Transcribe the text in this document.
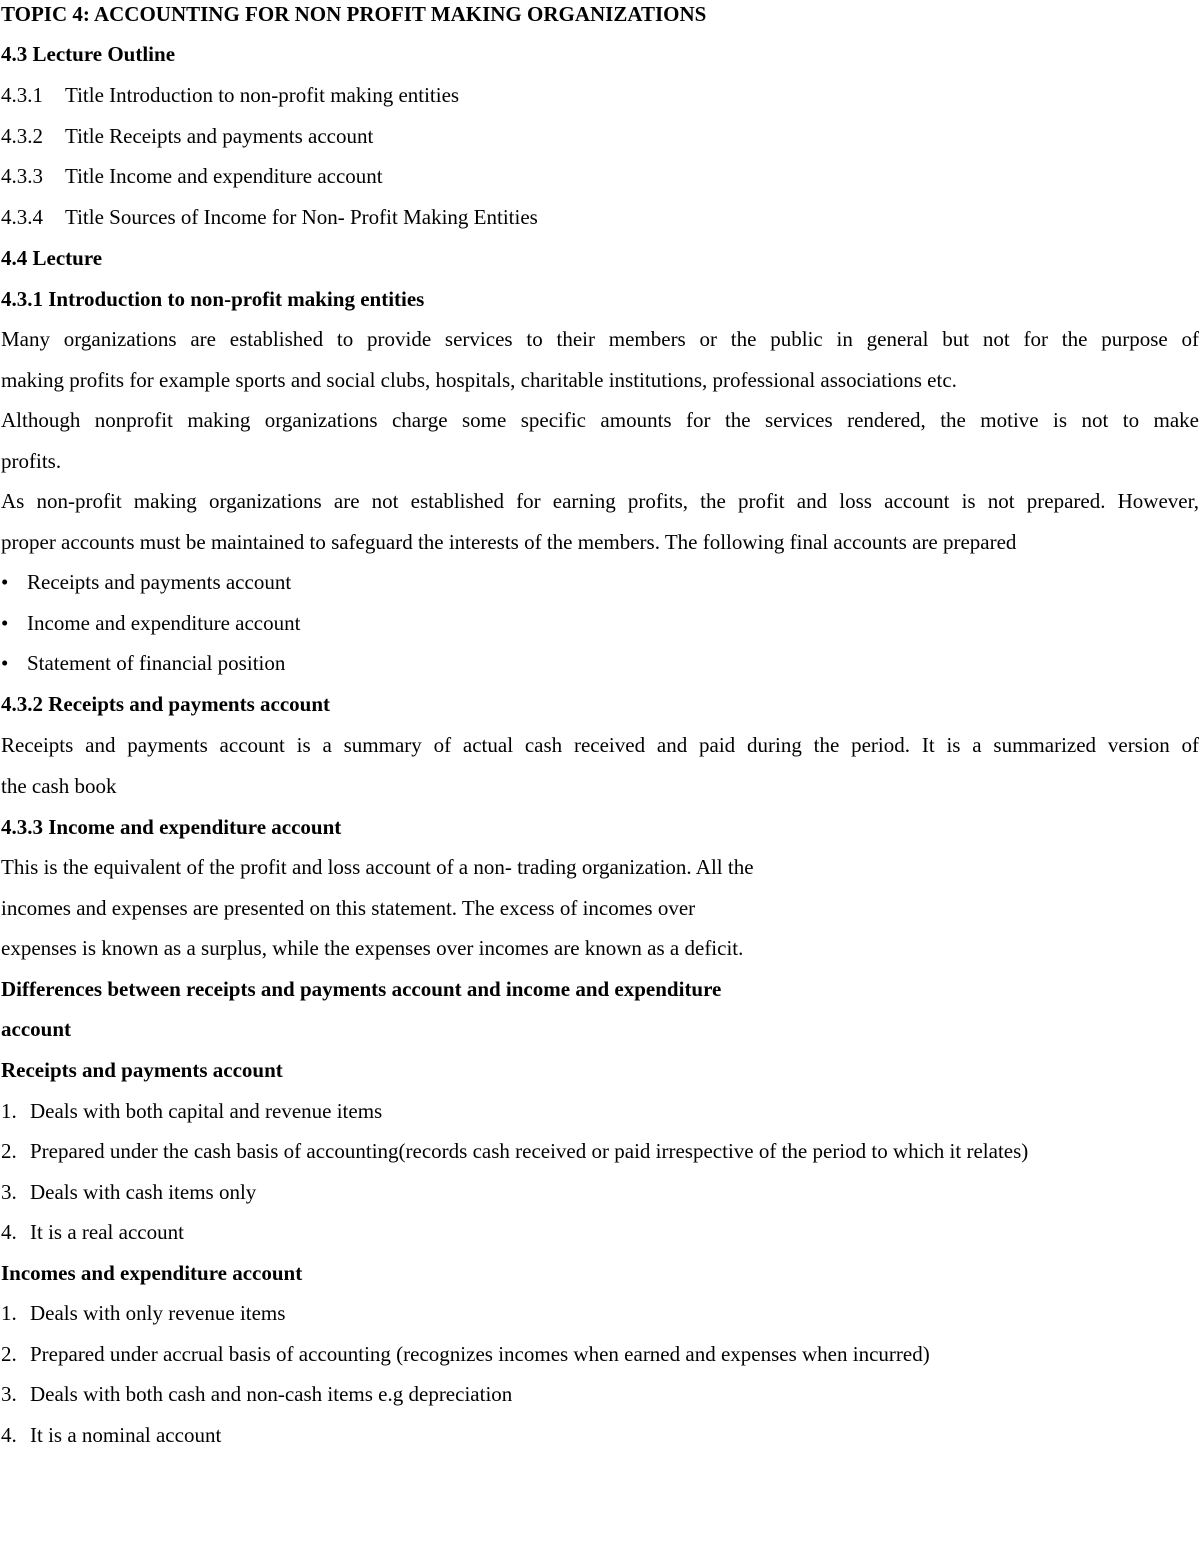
TOPIC 4: ACCOUNTING FOR NON PROFIT MAKING ORGANIZATIONS
4.3 Lecture Outline
4.3.1 Title Introduction to non-profit making entities
4.3.2 Title Receipts and payments account
4.3.3 Title Income and expenditure account
4.3.4 Title Sources of Income for Non- Profit Making Entities
4.4 Lecture
4.3.1 Introduction to non-profit making entities
Many organizations are established to provide services to their members or the public in general but not for the purpose of
making profits for example sports and social clubs, hospitals, charitable institutions, professional associations etc.
Although nonprofit making organizations charge some specific amounts for the services rendered, the motive is not to make
profits.
As non-profit making organizations are not established for earning profits, the profit and loss account is not prepared. However,
proper accounts must be maintained to safeguard the interests of the members. The following final accounts are prepared
• Receipts and payments account
• Income and expenditure account
• Statement of financial position
4.3.2 Receipts and payments account
Receipts and payments account is a summary of actual cash received and paid during the period. It is a summarized version of
the cash book
4.3.3 Income and expenditure account
This is the equivalent of the profit and loss account of a non- trading organization. All the
incomes and expenses are presented on this statement. The excess of incomes over
expenses is known as a surplus, while the expenses over incomes are known as a deficit.
Differences between receipts and payments account and income and expenditure
account
Receipts and payments account
1. Deals with both capital and revenue items
2. Prepared under the cash basis of accounting(records cash received or paid irrespective of the period to which it relates)
3. Deals with cash items only
4. It is a real account
Incomes and expenditure account
1. Deals with only revenue items
2. Prepared under accrual basis of accounting (recognizes incomes when earned and expenses when incurred)
3. Deals with both cash and non-cash items e.g depreciation
4. It is a nominal account
